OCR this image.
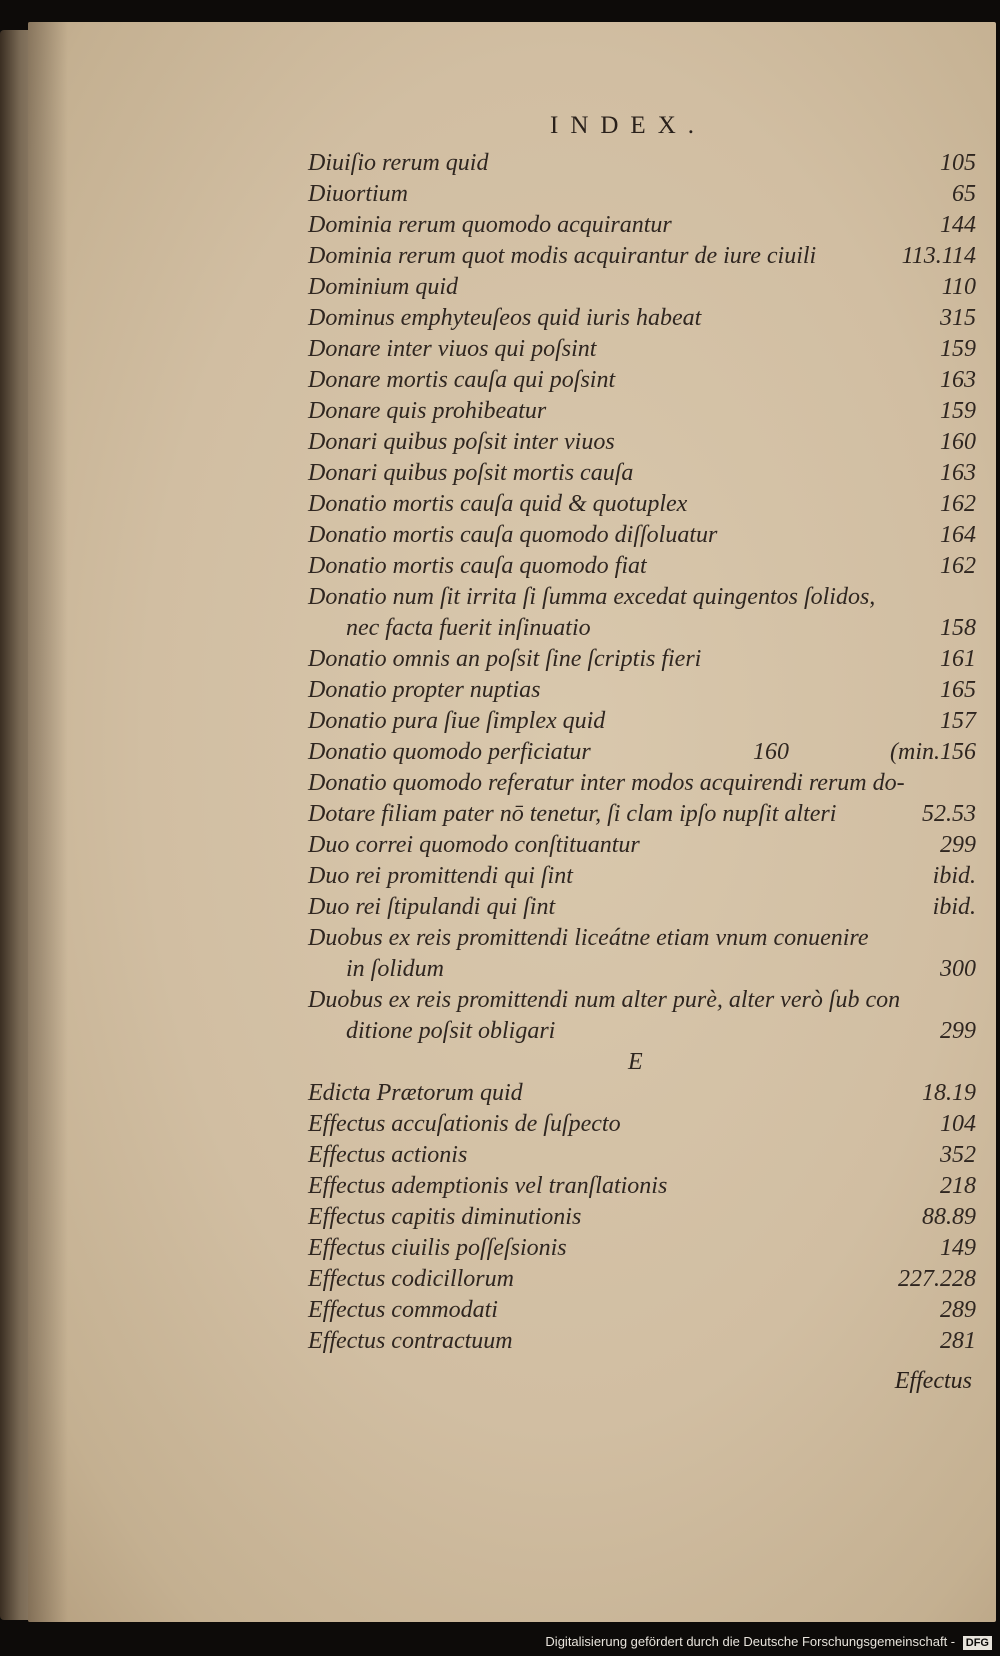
INDEX.
Diuiſio rerum quid	105
Diuortium	65
Dominia rerum quomodo acquirantur	144
Dominia rerum quot modis acquirantur de iure ciuili	113.114
Dominium quid	110
Dominus emphyteuſeos quid iuris habeat	315
Donare inter viuos qui poſsint	159
Donare mortis cauſa qui poſsint	163
Donare quis prohibeatur	159
Donari quibus poſsit inter viuos	160
Donari quibus poſsit mortis cauſa	163
Donatio mortis cauſa quid & quotuplex	162
Donatio mortis cauſa quomodo diſſoluatur	164
Donatio mortis cauſa quomodo fiat	162
Donatio num ſit irrita ſi ſumma excedat quingentos ſolidos,
nec facta fuerit inſinuatio	158
Donatio omnis an poſsit ſine ſcriptis fieri	161
Donatio propter nuptias	165
Donatio pura ſiue ſimplex quid	157
Donatio quomodo perficiatur	160	(min.156
Donatio quomodo referatur inter modos acquirendi rerum do-
Dotare filiam pater nō tenetur, ſi clam ipſo nupſit alteri	52.53
Duo correi quomodo conſtituantur	299
Duo rei promittendi qui ſint	ibid.
Duo rei ſtipulandi qui ſint	ibid.
Duobus ex reis promittendi liceátne etiam vnum conuenire
in ſolidum	300
Duobus ex reis promittendi num alter purè, alter verò ſub con
ditione poſsit obligari	299
E
Edicta Prætorum quid	18.19
Effectus accuſationis de ſuſpecto	104
Effectus actionis	352
Effectus ademptionis vel tranſlationis	218
Effectus capitis diminutionis	88.89
Effectus ciuilis poſſeſsionis	149
Effectus codicillorum	227.228
Effectus commodati	289
Effectus contractuum	281
Effectus
Digitalisierung gefördert durch die Deutsche Forschungsgemeinschaft - DFG
